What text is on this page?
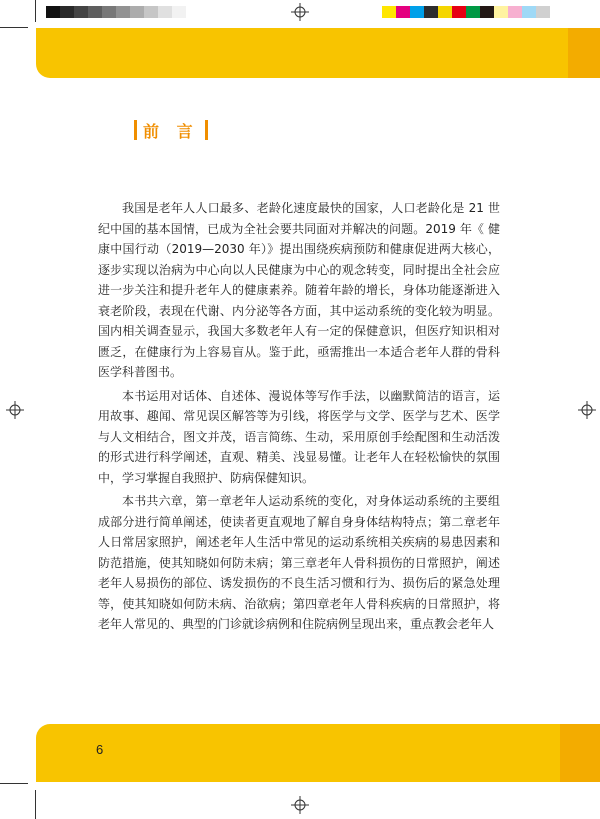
前 言

我国是老年人人口最多、老龄化速度最快的国家，人口老龄化是 21 世纪中国的基本国情，已成为全社会要共同面对并解决的问题。2019 年《 健康中国行动（2019—2030 年）》提出围绕疾病预防和健康促进两大核心，逐步实现以治病为中心向以人民健康为中心的观念转变，同时提出全社会应进一步关注和提升老年人的健康素养。随着年龄的增长，身体功能逐渐进入衰老阶段，表现在代谢、内分泌等各方面，其中运动系统的变化较为明显。国内相关调查显示，我国大多数老年人有一定的保健意识，但医疗知识相对匮乏，在健康行为上容易盲从。鉴于此，亟需推出一本适合老年人群的骨科医学科普图书。

本书运用对话体、自述体、漫说体等写作手法，以幽默简洁的语言，运用故事、趣闻、常见误区解答等为引线，将医学与文学、医学与艺术、医学与人文相结合，图文并茂，语言简练、生动，采用原创手绘配图和生动活泼的形式进行科学阐述，直观、精美、浅显易懂。让老年人在轻松愉快的氛围中，学习掌握自我照护、防病保健知识。

本书共六章，第一章老年人运动系统的变化，对身体运动系统的主要组成部分进行简单阐述，使读者更直观地了解自身身体结构特点；第二章老年人日常居家照护，阐述老年人生活中常见的运动系统相关疾病的易患因素和防范措施，使其知晓如何防未病；第三章老年人骨科损伤的日常照护，阐述老年人易损伤的部位、诱发损伤的不良生活习惯和行为、损伤后的紧急处理等，使其知晓如何防未病、治欲病；第四章老年人骨科疾病的日常照护，将老年人常见的、典型的门诊就诊病例和住院病例呈现出来，重点教会老年人

6
